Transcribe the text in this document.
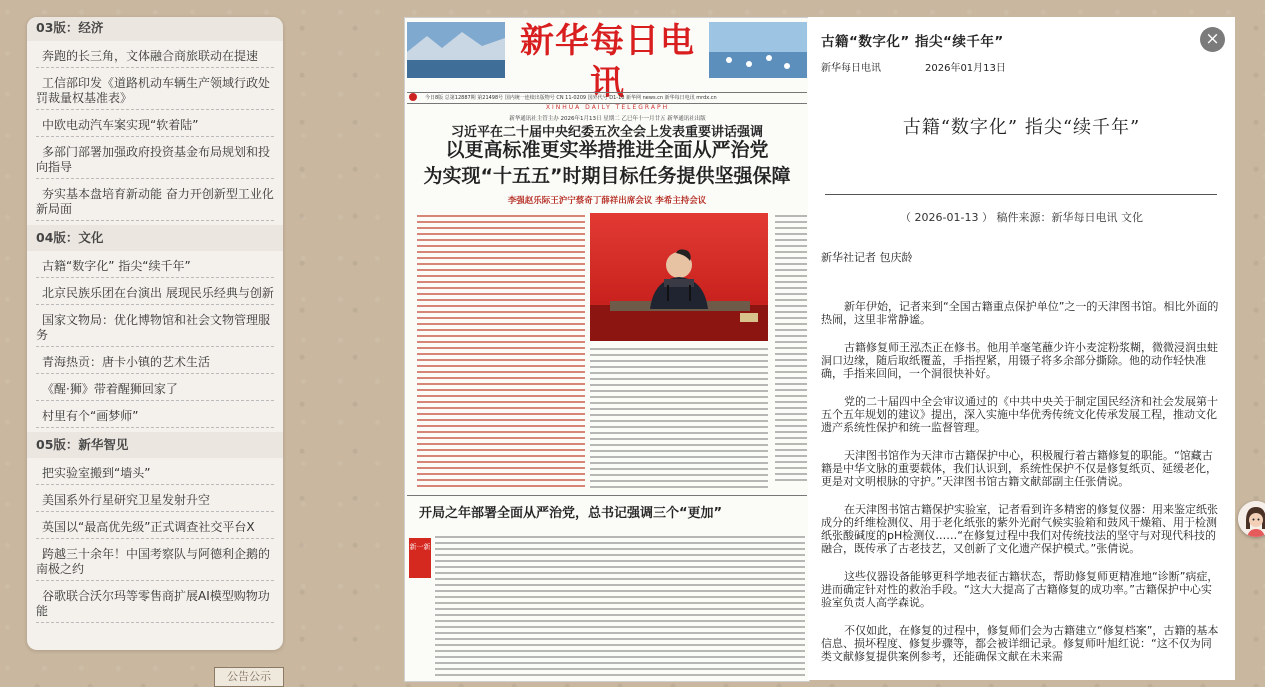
03版：经济
奔跑的长三角，文体融合商旅联动在提速
工信部印发《道路机动车辆生产领域行政处罚裁量权基准表》
中欧电动汽车案实现“软着陆”
多部门部署加强政府投资基金布局规划和投向指导
夯实基本盘培育新动能 奋力开创新型工业化新局面
04版：文化
古籍“数字化” 指尖“续千年”
北京民族乐团在台演出 展现民乐经典与创新
国家文物局：优化博物馆和社会文物管理服务
青海热贡：唐卡小镇的艺术生活
《醒·狮》带着醒狮回家了
村里有个“画梦师”
05版：新华智见
把实验室搬到“墙头”
美国系外行星研究卫星发射升空
英国以“最高优先级”正式调查社交平台X
跨越三十余年！中国考察队与阿德利企鹅的南极之约
谷歌联合沃尔玛等零售商扩展AI模型购物功能
公告公示
新华每日电讯
XINHUA DAILY TELEGRAPH
新华通讯社主管主办 2026年1月13日 星期二 乙巳年十一月廿五 新华通讯社出版
今日8版 总第12887期 第21498号 国内统一连续出版物号 CN 11-0209 国外代号 D1-10 新华网 news.cn 新华每日电讯 mrdx.cn
习近平在二十届中央纪委五次全会上发表重要讲话强调
以更高标准更实举措推进全面从严治党
为实现“十五五”时期目标任务提供坚强保障
李强赵乐际王沪宁蔡奇丁薛祥出席会议 李希主持会议
开局之年部署全面从严治党，总书记强调三个“更加”
新一新
古籍“数字化” 指尖“续千年”
新华每日电讯	2026年01月13日
×
古籍“数字化” 指尖“续千年”
（ 2026-01-13 ） 稿件来源：新华每日电讯 文化
新华社记者 包庆龄

新年伊始，记者来到“全国古籍重点保护单位”之一的天津图书馆。相比外面的热闹，这里非常静谧。

古籍修复师王泓杰正在修书。他用羊毫笔蘸少许小麦淀粉浆糊，微微浸润虫蛀洞口边缘，随后取纸覆盖，手指捏紧，用镊子将多余部分撕除。他的动作轻快准确，手指来回间，一个洞很快补好。

党的二十届四中全会审议通过的《中共中央关于制定国民经济和社会发展第十五个五年规划的建议》提出，深入实施中华优秀传统文化传承发展工程，推动文化遗产系统性保护和统一监督管理。

天津图书馆作为天津市古籍保护中心，积极履行着古籍修复的职能。“馆藏古籍是中华文脉的重要载体，我们认识到，系统性保护不仅是修复纸页、延缓老化，更是对文明根脉的守护。”天津图书馆古籍文献部副主任张倩说。

在天津图书馆古籍保护实验室，记者看到许多精密的修复仪器：用来鉴定纸张成分的纤维检测仪、用于老化纸张的紫外光耐气候实验箱和鼓风干燥箱、用于检测纸张酸碱度的pH检测仪……“在修复过程中我们对传统技法的坚守与对现代科技的融合，既传承了古老技艺，又创新了文化遗产保护模式。”张倩说。

这些仪器设备能够更科学地表征古籍状态，帮助修复师更精准地“诊断”病症，进而确定针对性的救治手段。“这大大提高了古籍修复的成功率。”古籍保护中心实验室负责人高学森说。

不仅如此，在修复的过程中，修复师们会为古籍建立“修复档案”，古籍的基本信息、损坏程度、修复步骤等，都会被详细记录。修复师叶旭红说：“这不仅为同类文献修复提供案例参考，还能确保文献在未来需
